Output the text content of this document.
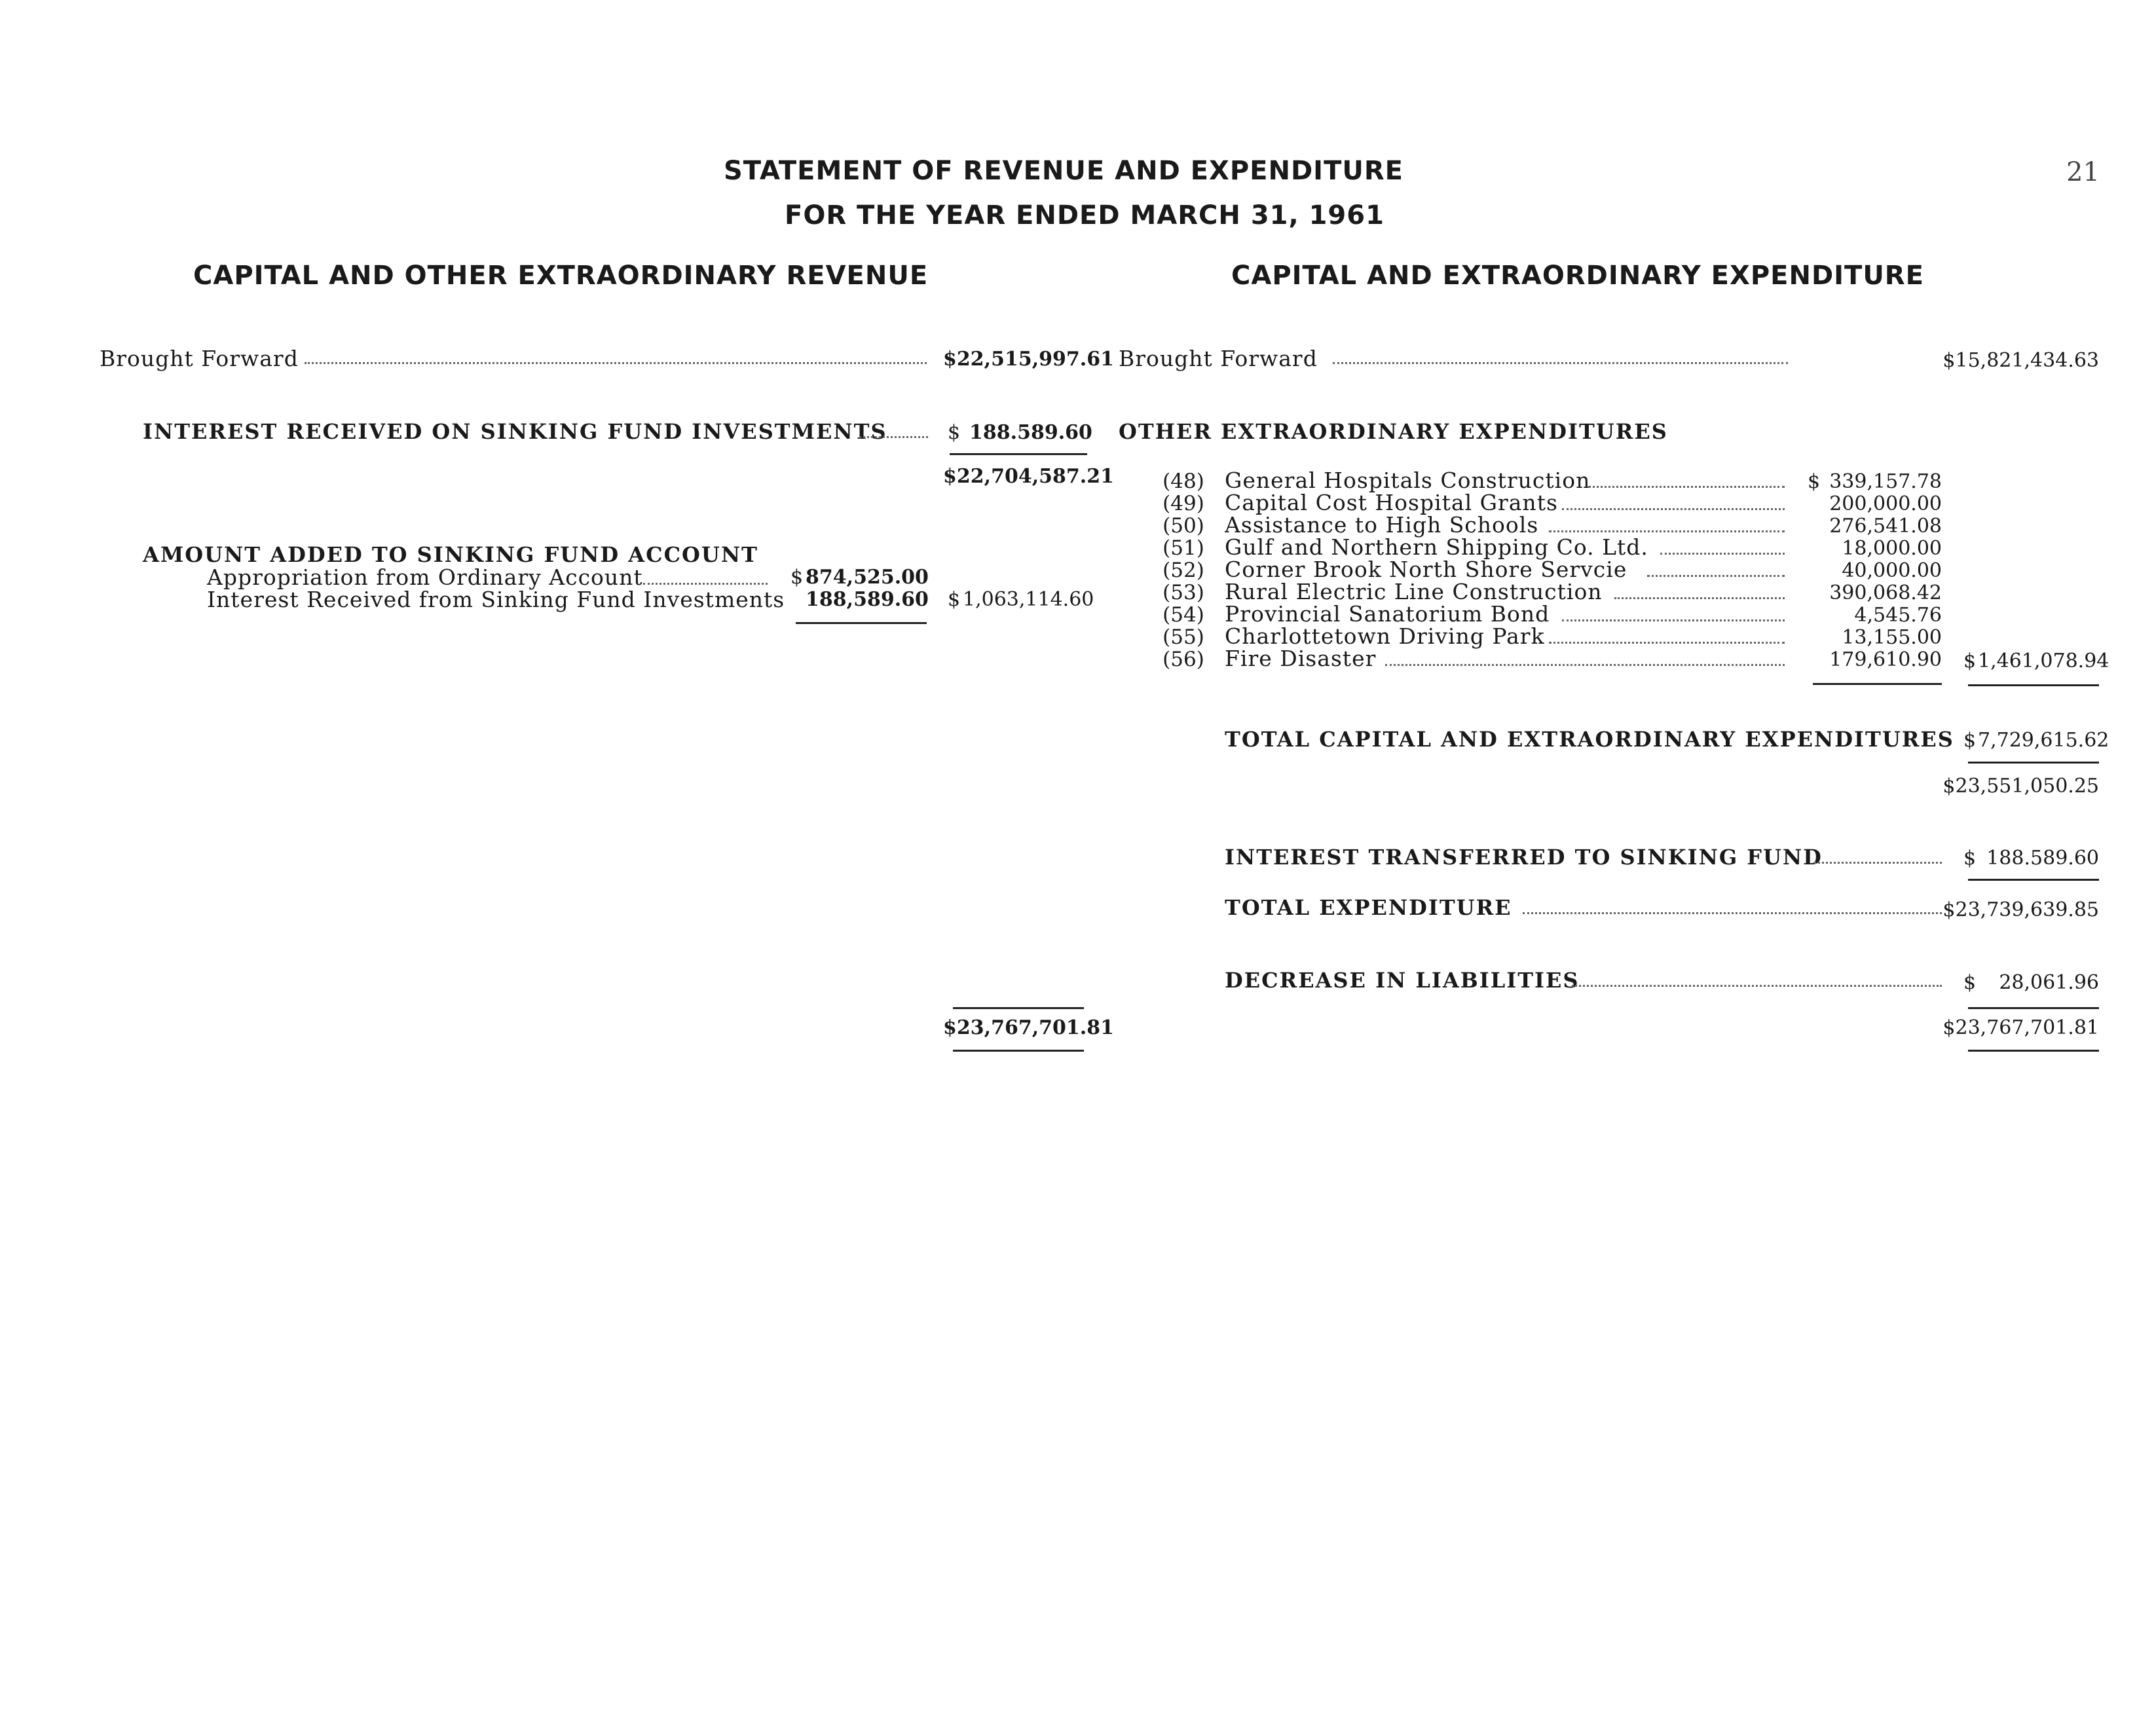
STATEMENT OF REVENUE AND EXPENDITURE
FOR THE YEAR ENDED MARCH 31, 1961
21
CAPITAL AND OTHER EXTRAORDINARY REVENUE	CAPITAL AND EXTRAORDINARY EXPENDITURE
Brought Forward	$22,515,997.61
INTEREST RECEIVED ON SINKING FUND INVESTMENTS	$ 188.589.60
$22,704,587.21
AMOUNT ADDED TO SINKING FUND ACCOUNT
Appropriation from Ordinary Account	$ 874,525.00
Interest Received from Sinking Fund Investments 188,589.60 $ 1,063,114.60
$23,767,701.81
Brought Forward	$15,821,434.63
OTHER EXTRAORDINARY EXPENDITURES
$
(48) General Hospitals Construction	339,157.78
(49) Capital Cost Hospital Grants	200,000.00
(50) Assistance to High Schools	276,541.08
(51) Gulf and Northern Shipping Co. Ltd.	18,000.00
(52) Corner Brook North Shore Servcie	40,000.00
(53) Rural Electric Line Construction	390,068.42
(54) Provincial Sanatorium Bond	4,545.76
(55) Charlottetown Driving Park	13,155.00
(56) Fire Disaster	179,610.90 $ 1,461,078.94
TOTAL CAPITAL AND EXTRAORDINARY EXPENDITURES $ 7,729,615.62
$23,551,050.25
INTEREST TRANSFERRED TO SINKING FUND	$ 188.589.60
TOTAL EXPENDITURE	$23,739,639.85
DECREASE IN LIABILITIES	$	28,061.96
$23,767,701.81
